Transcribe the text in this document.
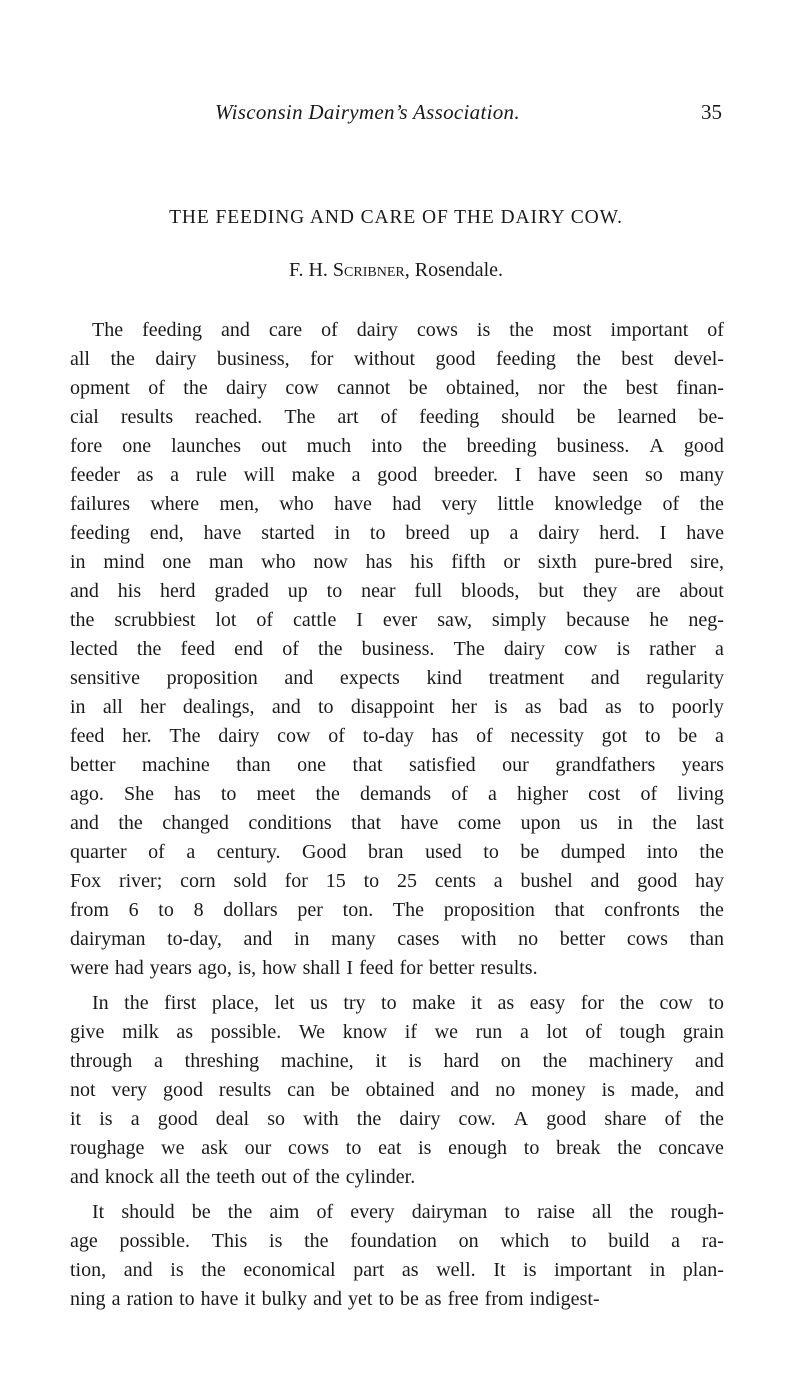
Wisconsin Dairymen’s Association.	35
THE FEEDING AND CARE OF THE DAIRY COW.

F. H. Scribner, Rosendale.

The feeding and care of dairy cows is the most important of
all the dairy business, for without good feeding the best devel-
opment of the dairy cow cannot be obtained, nor the best finan-
cial results reached. The art of feeding should be learned be-
fore one launches out much into the breeding business. A good
feeder as a rule will make a good breeder. I have seen so many
failures where men, who have had very little knowledge of the
feeding end, have started in to breed up a dairy herd. I have
in mind one man who now has his fifth or sixth pure-bred sire,
and his herd graded up to near full bloods, but they are about
the scrubbiest lot of cattle I ever saw, simply because he neg-
lected the feed end of the business. The dairy cow is rather a
sensitive proposition and expects kind treatment and regularity
in all her dealings, and to disappoint her is as bad as to poorly
feed her. The dairy cow of to-day has of necessity got to be a
better machine than one that satisfied our grandfathers years
ago. She has to meet the demands of a higher cost of living
and the changed conditions that have come upon us in the last
quarter of a century. Good bran used to be dumped into the
Fox river; corn sold for 15 to 25 cents a bushel and good hay
from 6 to 8 dollars per ton. The proposition that confronts the
dairyman to-day, and in many cases with no better cows than
were had years ago, is, how shall I feed for better results.
In the first place, let us try to make it as easy for the cow to
give milk as possible. We know if we run a lot of tough grain
through a threshing machine, it is hard on the machinery and
not very good results can be obtained and no money is made, and
it is a good deal so with the dairy cow. A good share of the
roughage we ask our cows to eat is enough to break the concave
and knock all the teeth out of the cylinder.
It should be the aim of every dairyman to raise all the rough-
age possible. This is the foundation on which to build a ra-
tion, and is the economical part as well. It is important in plan-
ning a ration to have it bulky and yet to be as free from indigest-
